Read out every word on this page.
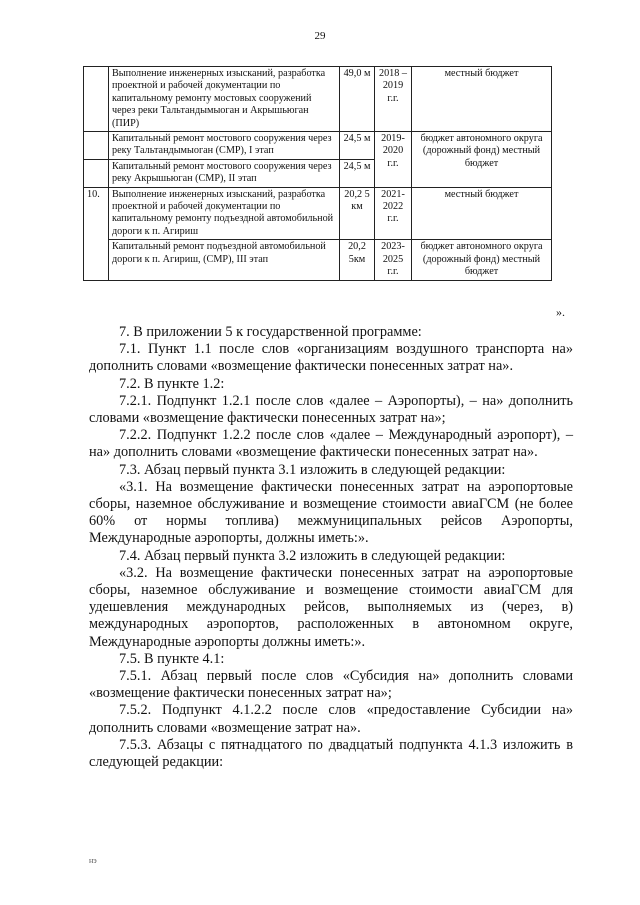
29
	Выполнение инженерных изысканий, разработка проектной и рабочей документации по капитальному ремонту мостовых сооружений через реки Тальтандымыоган и Акрышьюган (ПИР)	49,0 м	2018 – 2019 г.г.	местный бюджет
	Капитальный ремонт мостового сооружения через реку Тальтандымыоган (СМР), I этап	24,5 м	2019-2020 г.г.	бюджет автономного округа (дорожный фонд) местный бюджет
	Капитальный ремонт мостового сооружения через реку Акрышьюган (СМР), II этап	24,5 м		
10.	Выполнение инженерных изысканий, разработка проектной и рабочей документации по капитальному ремонту подъездной автомобильной дороги к п. Агириш	20,2 5 км	2021-2022 г.г.	местный бюджет
	Капитальный ремонт подъездной автомобильной дороги к п. Агириш, (СМР), III этап	20,2 5км	2023-2025 г.г.	бюджет автономного округа (дорожный фонд) местный бюджет
».

7. В приложении 5 к государственной программе:

7.1. Пункт 1.1 после слов «организациям воздушного транспорта на» дополнить словами «возмещение фактически понесенных затрат на».

7.2. В пункте 1.2:

7.2.1. Подпункт 1.2.1 после слов «далее – Аэропорты), – на» дополнить словами «возмещение фактически понесенных затрат на»;

7.2.2. Подпункт 1.2.2 после слов «далее – Международный аэропорт), – на» дополнить словами «возмещение фактически понесенных затрат на».

7.3. Абзац первый пункта 3.1 изложить в следующей редакции:

«3.1. На возмещение фактически понесенных затрат на аэропортовые сборы, наземное обслуживание и возмещение стоимости авиаГСМ (не более 60% от нормы топлива) межмуниципальных рейсов Аэропорты, Международные аэропорты, должны иметь:».

7.4. Абзац первый пункта 3.2 изложить в следующей редакции:

«3.2. На возмещение фактически понесенных затрат на аэропортовые сборы, наземное обслуживание и возмещение стоимости авиаГСМ для удешевления международных рейсов, выполняемых из (через, в) международных аэропортов, расположенных в автономном округе, Международные аэропорты должны иметь:».

7.5. В пункте 4.1:

7.5.1. Абзац первый после слов «Субсидия на» дополнить словами «возмещение фактически понесенных затрат на»;

7.5.2. Подпункт 4.1.2.2 после слов «предоставление Субсидии на» дополнить словами «возмещение затрат на».

7.5.3. Абзацы с пятнадцатого по двадцатый подпункта 4.1.3 изложить в следующей редакции:

нэ
